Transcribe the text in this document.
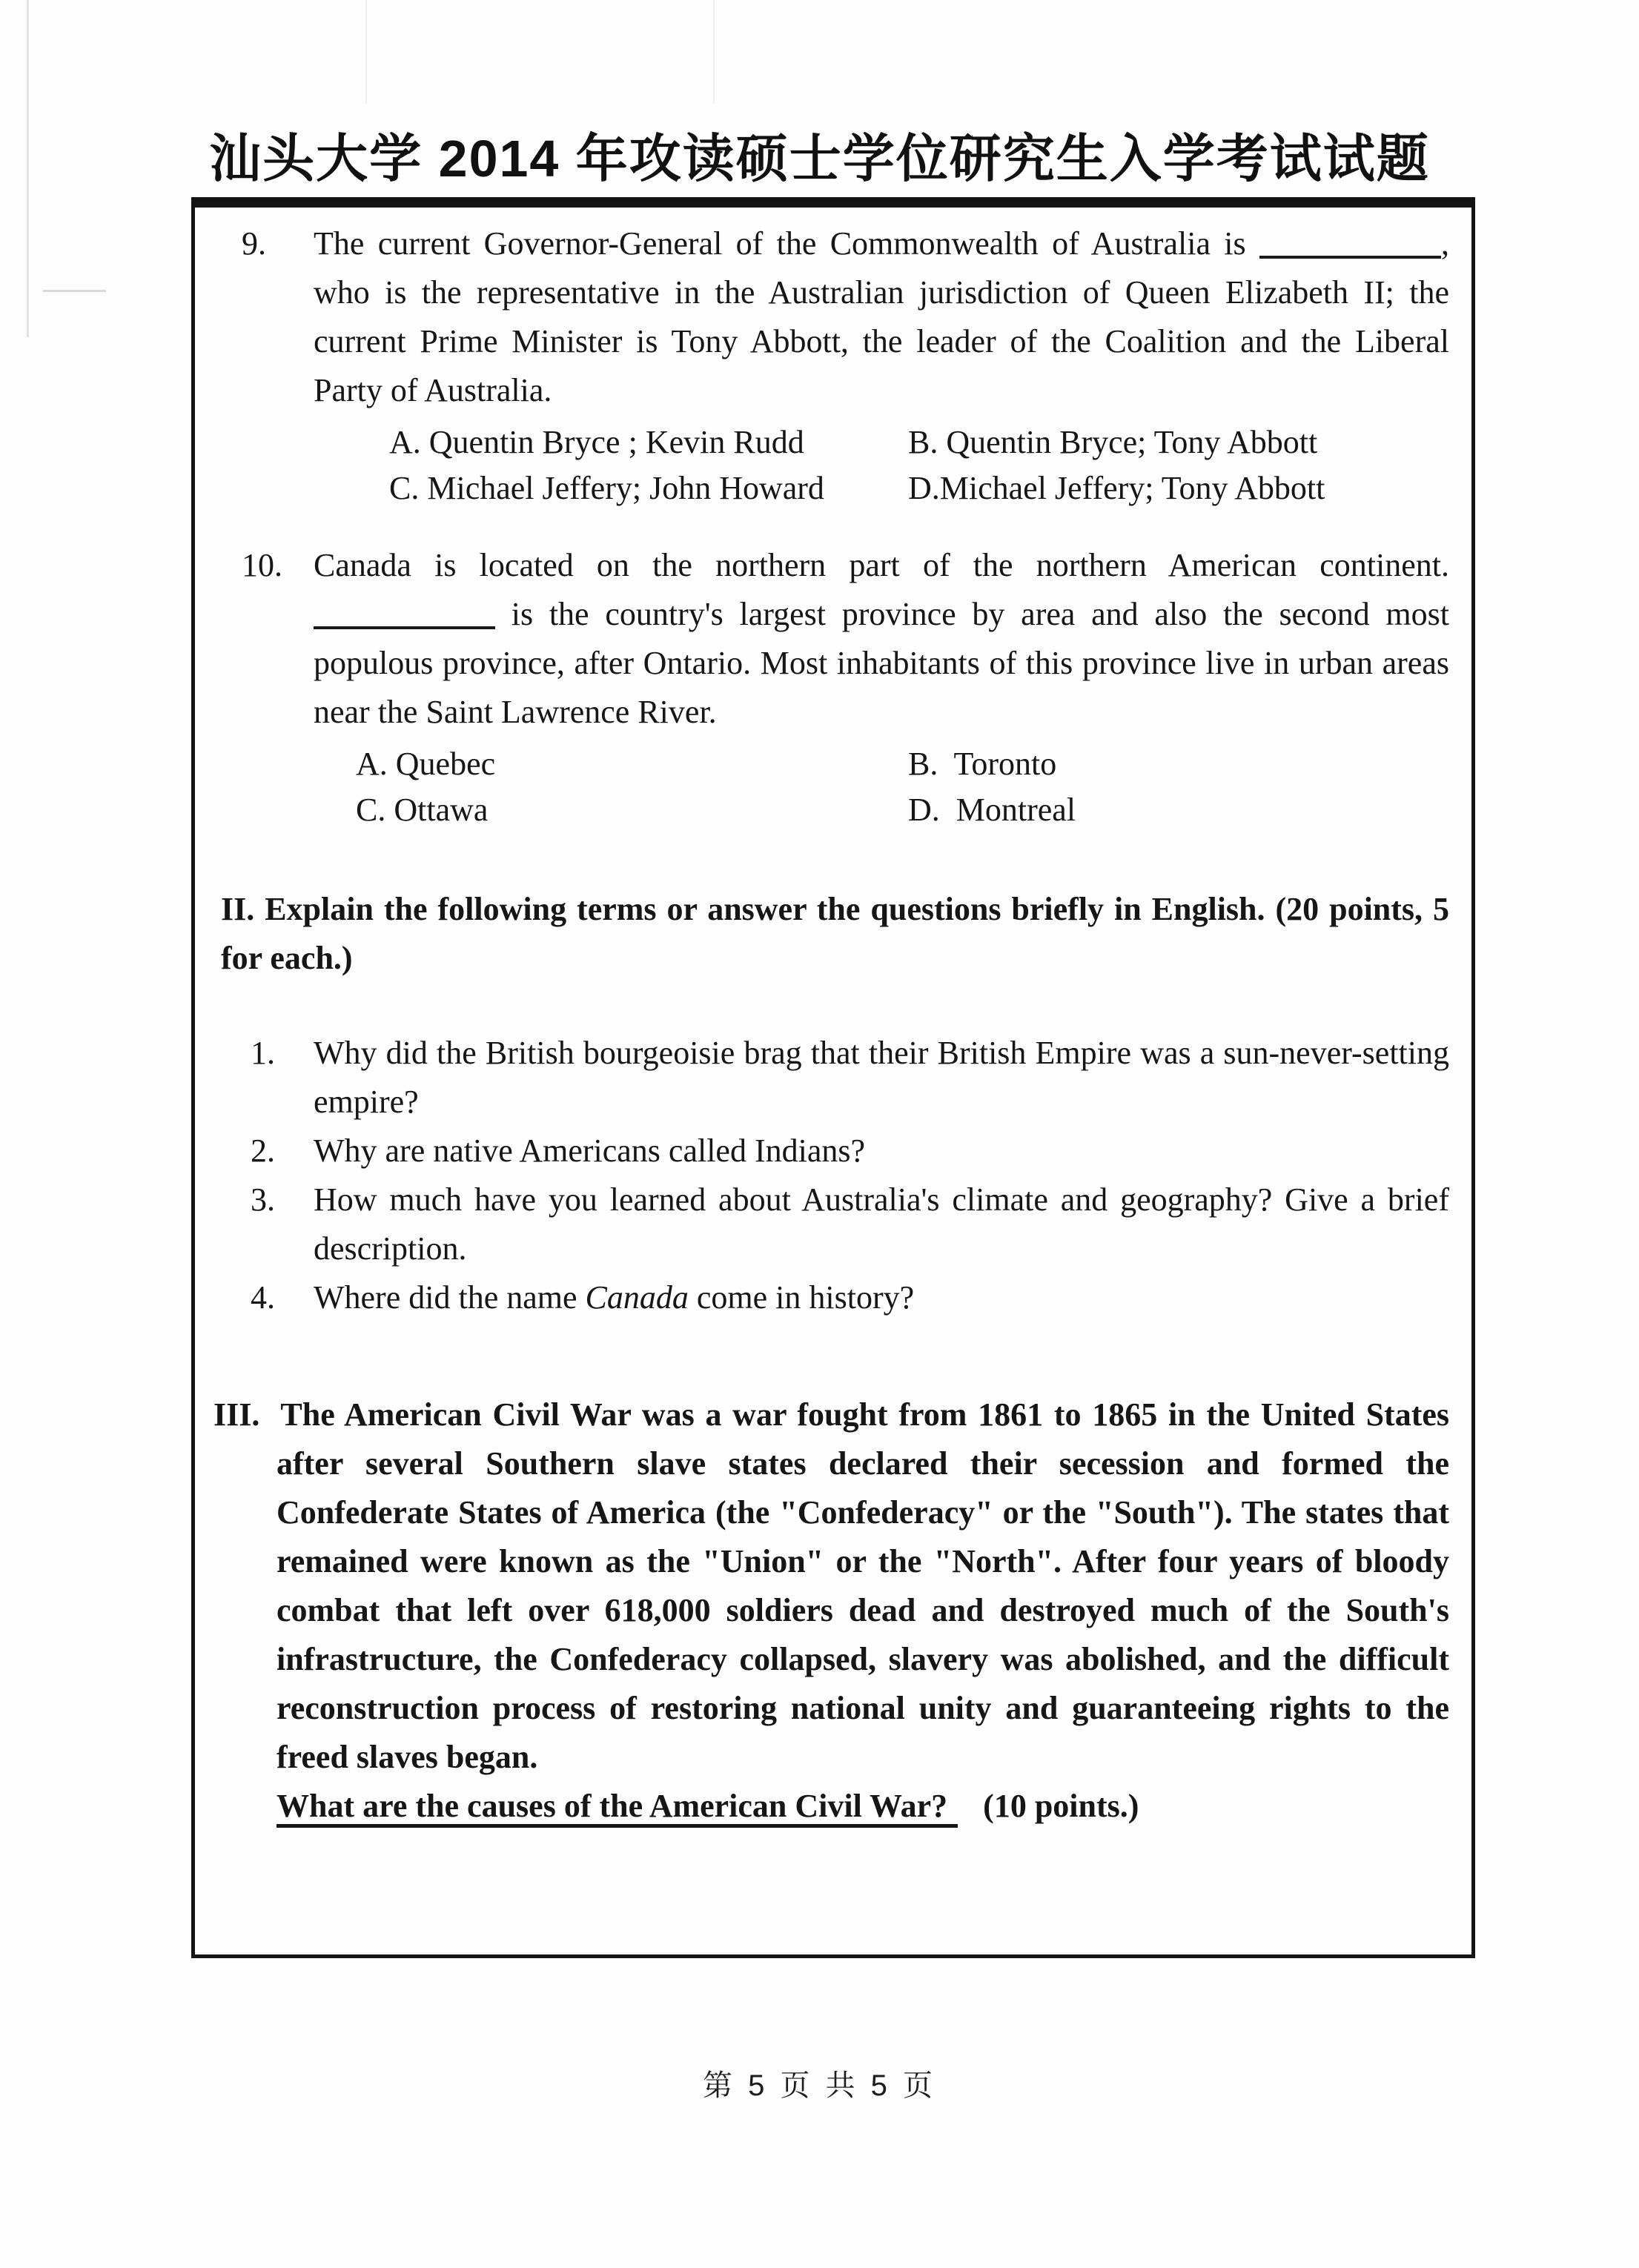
汕头大学 2014 年攻读硕士学位研究生入学考试试题
9.	The current Governor-General of the Commonwealth of Australia is	, who is the representative in the Australian jurisdiction of Queen Elizabeth II; the current Prime Minister is Tony Abbott, the leader of the Coalition and the Liberal Party of Australia.

A. Quentin Bryce ; Kevin Rudd	B. Quentin Bryce; Tony Abbott
C. Michael Jeffery; John Howard	D.Michael Jeffery; Tony Abbott
10. Canada is located on the northern part of the northern American continent.  is the country's largest province by area and also the second most populous province, after Ontario. Most inhabitants of this province live in urban areas near the Saint Lawrence River.

A. Quebec	B.  Toronto
C. Ottawa	D.  Montreal

II. Explain the following terms or answer the questions briefly in English. (20 points, 5 for each.)

1.	Why did the British bourgeoisie brag that their British Empire was a sun-never-setting empire?

2.	Why are native Americans called Indians?

3.	How much have you learned about Australia's climate and geography? Give a brief description.

4.	Where did the name Canada come in history?

III. The American Civil War was a war fought from 1861 to 1865 in the United States after several Southern slave states declared their secession and formed the Confederate States of America (the "Confederacy" or the "South"). The states that remained were known as the "Union" or the "North". After four years of bloody combat that left over 618,000 soldiers dead and destroyed much of the South's infrastructure, the Confederacy collapsed, slavery was abolished, and the difficult reconstruction process of restoring national unity and guaranteeing rights to the freed slaves began.

What are the causes of the American Civil War? (10 points.)

第 5 页 共 5 页
